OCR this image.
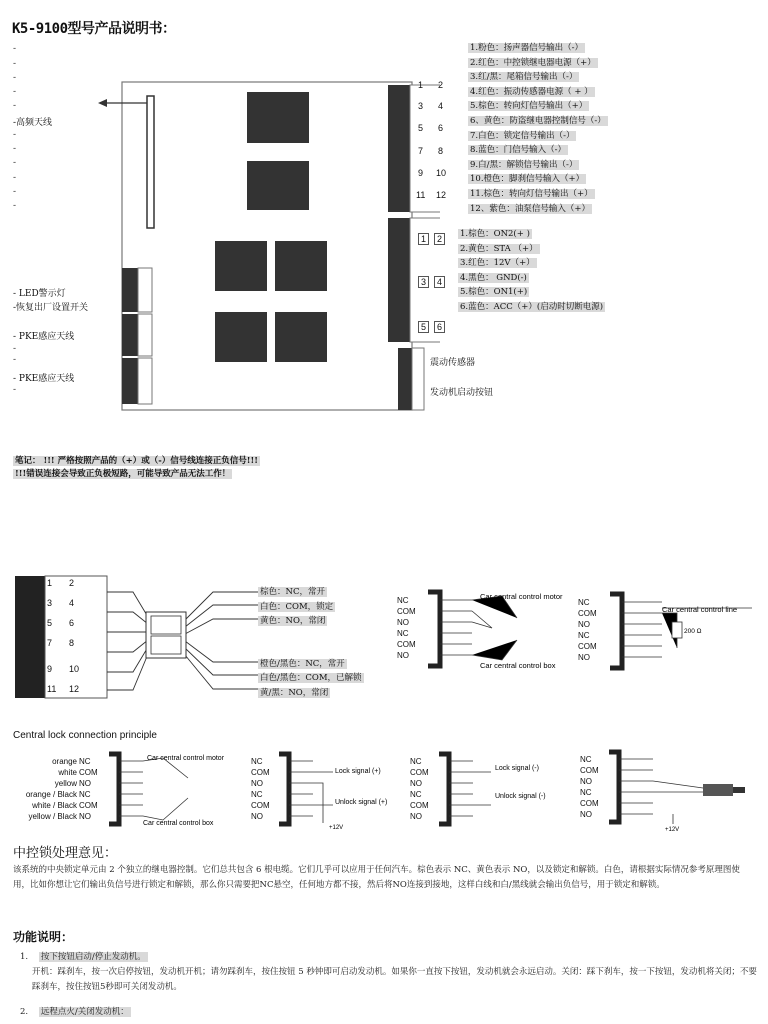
K5-9100型号产品说明书：
-
-
-
-
-
-
-
-
-
-
-
-
-
-
-高频天线
- LED警示灯
-恢复出厂设置开关
- PKE感应天线
- PKE感应天线
1 2
3 4
5 6
7 8
9 10
11 12
1	2
3	4
5	6
1.粉色：扬声器信号输出（-）
2.红色：中控锁继电器电源（+）
3.红/黑：尾箱信号输出（-）
4.红色：振动传感器电源（ + ）
5.棕色：转向灯信号输出（+）
6、黄色：防盗继电器控制信号（-）
7.白色：锁定信号输出（-）
8.蓝色：门信号输入（-）
9.白/黑：解锁信号输出（-）
10.橙色：脚刹信号输入（+）
11.棕色：转向灯信号输出（+）
12、紫色：油泵信号输入（+）
1.棕色：ON2(+ )
2.黄色：STA （+）
3.红色：12V（+）
4.黑色： GND(-)
5.棕色：ON1(+)
6.蓝色：ACC（+）(启动时切断电源)
震动传感器
发动机启动按钮
笔记： !!! 严格按照产品的（+）或（-）信号线连接正负信号!!!
!!!错误连接会导致正负极短路，可能导致产品无法工作！
1 2
3 4
5 6
7 8
9 10
11 12
棕色：NC，常开
白色：COM，锁定
黄色：NO，常闭
橙色/黑色：NC，常开
白色/黑色：COM，已解锁
黄/黑：NO，常闭
NC
COM
NO
NC
COM
NO
Car central control motor
Car central control box
NC
COM
NO
NC
COM
NO
200 Ω
Car central control line
Central lock connection principle
orange
white
yellow
orange / Black
white / Black
yellow / Black
NC
COM
NO
NC
COM
NO
Car central control motor
Car central control box
NC
COM
NO
NC
COM
NO
Lock signal (+)
Unlock signal (+)
+12V
NC
COM
NO
NC
COM
NO
Lock signal (-)
Unlock signal (-)
NC
COM
NO
NC
COM
NO
+12V
中控锁处理意见：
该系统的中央锁定单元由 2 个独立的继电器控制。它们总共包含 6 根电缆。它们几乎可以应用于任何汽车。棕色表示 NC、黄色表示 NO，以及锁定和解锁。白色，请根据实际情况参考原理图使用，比如你想让它们输出负信号进行锁定和解锁，那么你只需要把NC悬空，任何地方都不接，然后将NO连接到接地，这样白线和白/黑线就会输出负信号，用于锁定和解锁。
功能说明：
1. 按下按钮启动/停止发动机。
开机：踩刹车，按一次启停按钮，发动机开机；请勿踩刹车，按住按钮 5 秒钟即可启动发动机。如果你一直按下按钮，发动机就会永远启动。关闭：踩下刹车，按一下按钮，发动机将关闭；不要踩刹车，按住按钮5秒即可关闭发动机。
2. 远程点火/关闭发动机：
